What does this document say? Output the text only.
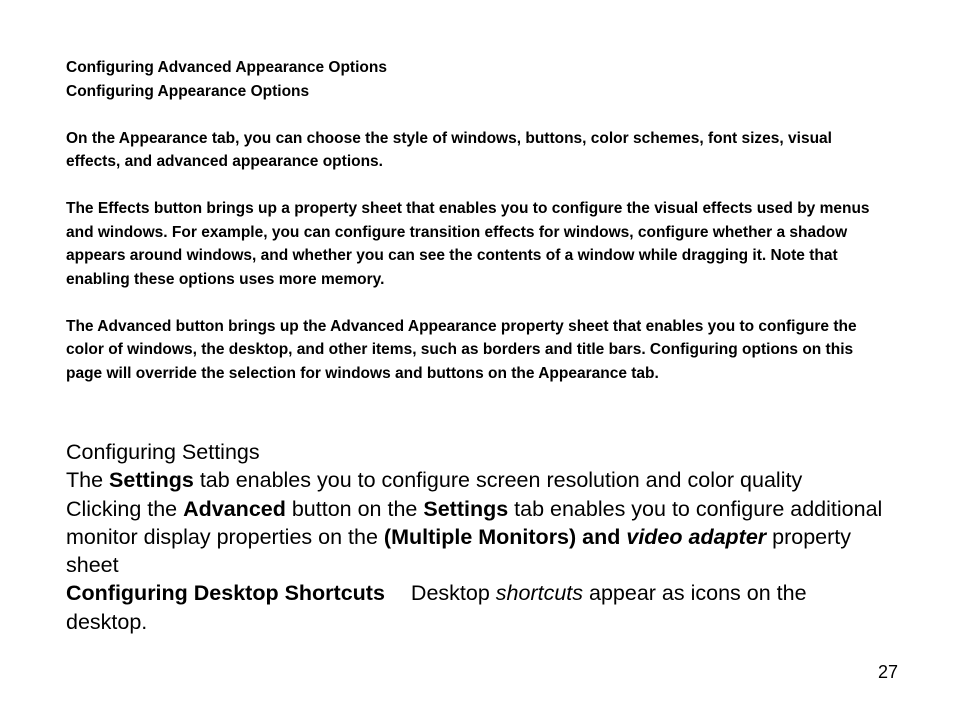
Configuring Advanced Appearance Options

Configuring Appearance Options

On the Appearance tab, you can choose the style of windows, buttons, color schemes, font sizes, visual effects, and advanced appearance options.

The Effects button brings up a property sheet that enables you to configure the visual effects used by menus and windows. For example, you can configure transition effects for windows, configure whether a shadow appears around windows, and whether you can see the contents of a window while dragging it. Note that enabling these options uses more memory.

The Advanced button brings up the Advanced Appearance property sheet that enables you to configure the color of windows, the desktop, and other items, such as borders and title bars. Configuring options on this page will override the selection for windows and buttons on the Appearance tab.

Configuring Settings

The Settings tab enables you to configure screen resolution and color quality

Clicking the Advanced button on the Settings tab enables you to configure additional monitor display properties on the (Multiple Monitors) and video adapter property sheet

Configuring Desktop Shortcuts Desktop shortcuts appear as icons on the desktop.

27
